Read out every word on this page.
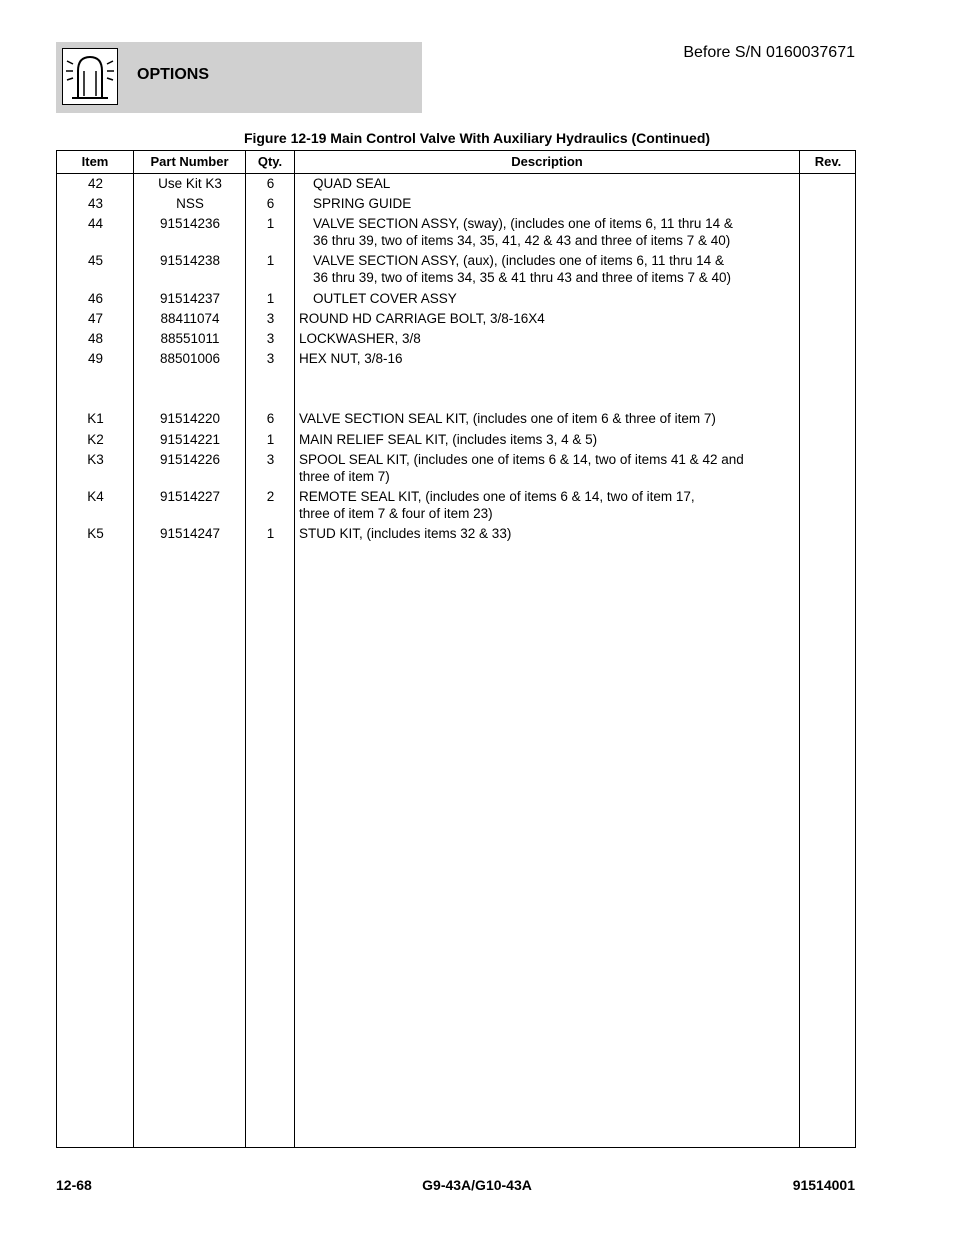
OPTIONS
Before S/N 0160037671
Figure 12-19 Main Control Valve With Auxiliary Hydraulics (Continued)
Item	Part Number	Qty.	Description	Rev.
42	Use Kit K3	6	QUAD SEAL
43	NSS	6	SPRING GUIDE
44	91514236	1	VALVE SECTION ASSY, (sway), (includes one of items 6, 11 thru 14 &
36 thru 39, two of items 34, 35, 41, 42 & 43 and three of items 7 & 40)
45	91514238	1	VALVE SECTION ASSY, (aux), (includes one of items 6, 11 thru 14 &
36 thru 39, two of items 34, 35 & 41 thru 43 and three of items 7 & 40)
46	91514237	1	OUTLET COVER ASSY
47	88411074	3	ROUND HD CARRIAGE BOLT, 3/8-16X4
48	88551011	3	LOCKWASHER, 3/8
49	88501006	3	HEX NUT, 3/8-16
K1	91514220	6	VALVE SECTION SEAL KIT, (includes one of item 6 & three of item 7)
K2	91514221	1	MAIN RELIEF SEAL KIT, (includes items 3, 4 & 5)
K3	91514226	3	SPOOL SEAL KIT, (includes one of items 6 & 14, two of items 41 & 42 and
three of item 7)
K4	91514227	2	REMOTE SEAL KIT, (includes one of items 6 & 14, two of item 17,
three of item 7 & four of item 23)
K5	91514247	1	STUD KIT, (includes items 32 & 33)
12-68	G9-43A/G10-43A	91514001
